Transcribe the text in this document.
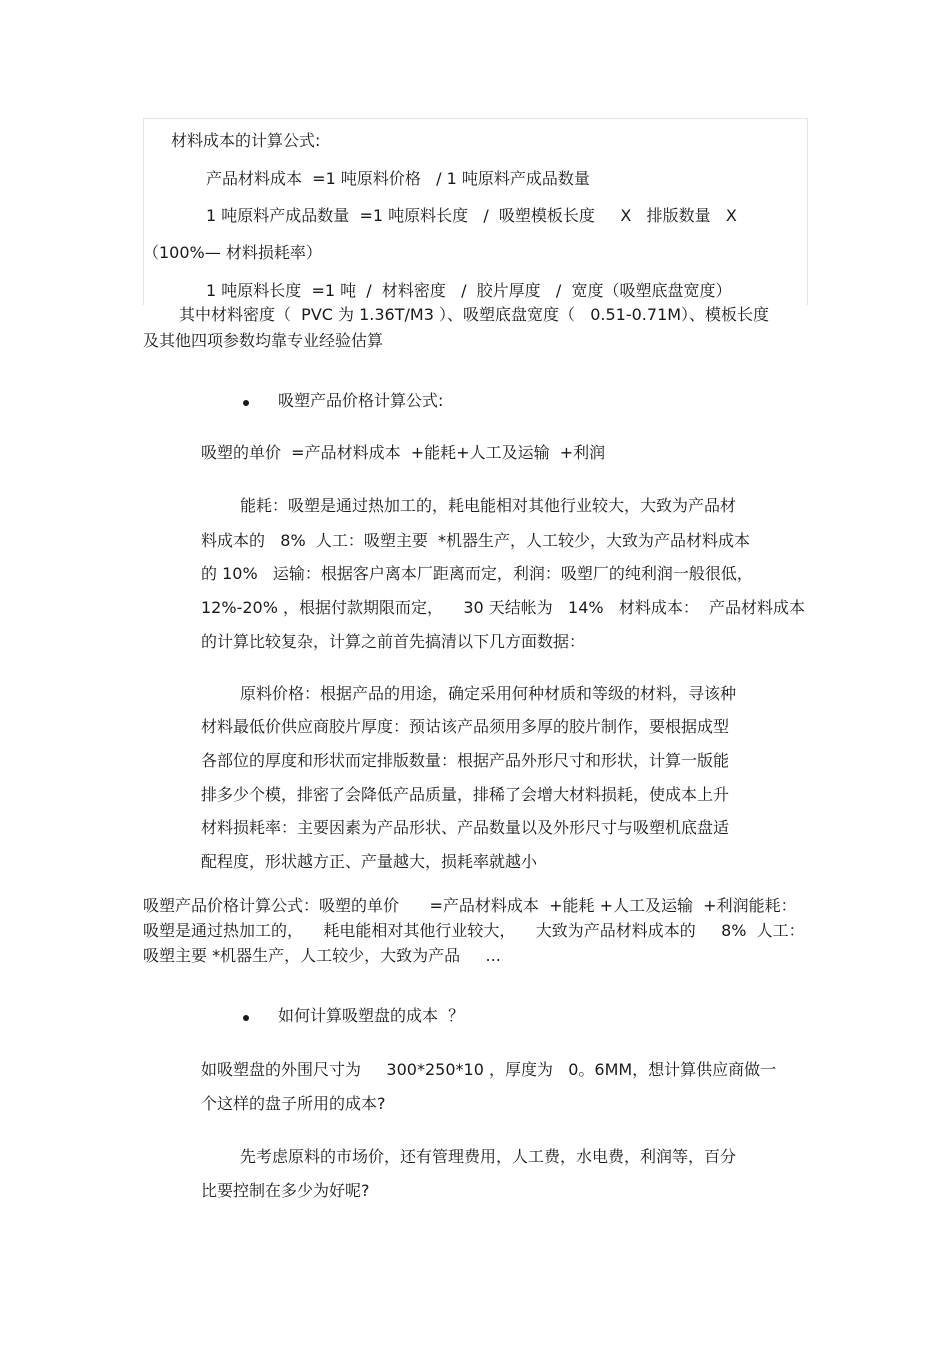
材料成本的计算公式:
产品材料成本  =1 吨原料价格   / 1 吨原料产成品数量
1 吨原料产成品数量  =1 吨原料长度   /  吸塑模板长度     X   排版数量   X
（100%— 材料损耗率）
1 吨原料长度  =1 吨  /  材料密度   /  胶片厚度   /  宽度（吸塑底盘宽度）
其中材料密度（  PVC 为 1.36T/M3 ）、吸塑底盘宽度（   0.51-0.71M）、模板长度
及其他四项参数均靠专业经验估算
吸塑产品价格计算公式:
吸塑的单价  =产品材料成本  +能耗+人工及运输  +利润
能耗：吸塑是通过热加工的，耗电能相对其他行业较大，大致为产品材
料成本的   8%  人工：吸塑主要  *机器生产，人工较少，大致为产品材料成本
的 10%   运输：根据客户离本厂距离而定，利润：吸塑厂的纯利润一般很低，
12%-20% ，根据付款期限而定，    30 天结帐为   14%   材料成本：  产品材料成本
的计算比较复杂，计算之前首先搞清以下几方面数据：
原料价格：根据产品的用途，确定采用何种材质和等级的材料，寻该种
材料最低价供应商胶片厚度：预诂该产品须用多厚的胶片制作，要根据成型
各部位的厚度和形状而定排版数量：根据产品外形尺寸和形状，计算一版能
排多少个模，排密了会降低产品质量，排稀了会增大材料损耗，使成本上升
材料损耗率：主要因素为产品形状、产品数量以及外形尺寸与吸塑机底盘适
配程度，形状越方正、产量越大，损耗率就越小
吸塑产品价格计算公式：吸塑的单价      =产品材料成本  +能耗 +人工及运输  +利润能耗：
吸塑是通过热加工的，    耗电能相对其他行业较大，    大致为产品材料成本的     8%  人工：
吸塑主要 *机器生产，人工较少，大致为产品     ...
如何计算吸塑盘的成本  ？
如吸塑盘的外围尺寸为     300*250*10 ，厚度为   0。6MM，想计算供应商做一
个这样的盘子所用的成本?
先考虑原料的市场价，还有管理费用，人工费，水电费，利润等，百分
比要控制在多少为好呢?
